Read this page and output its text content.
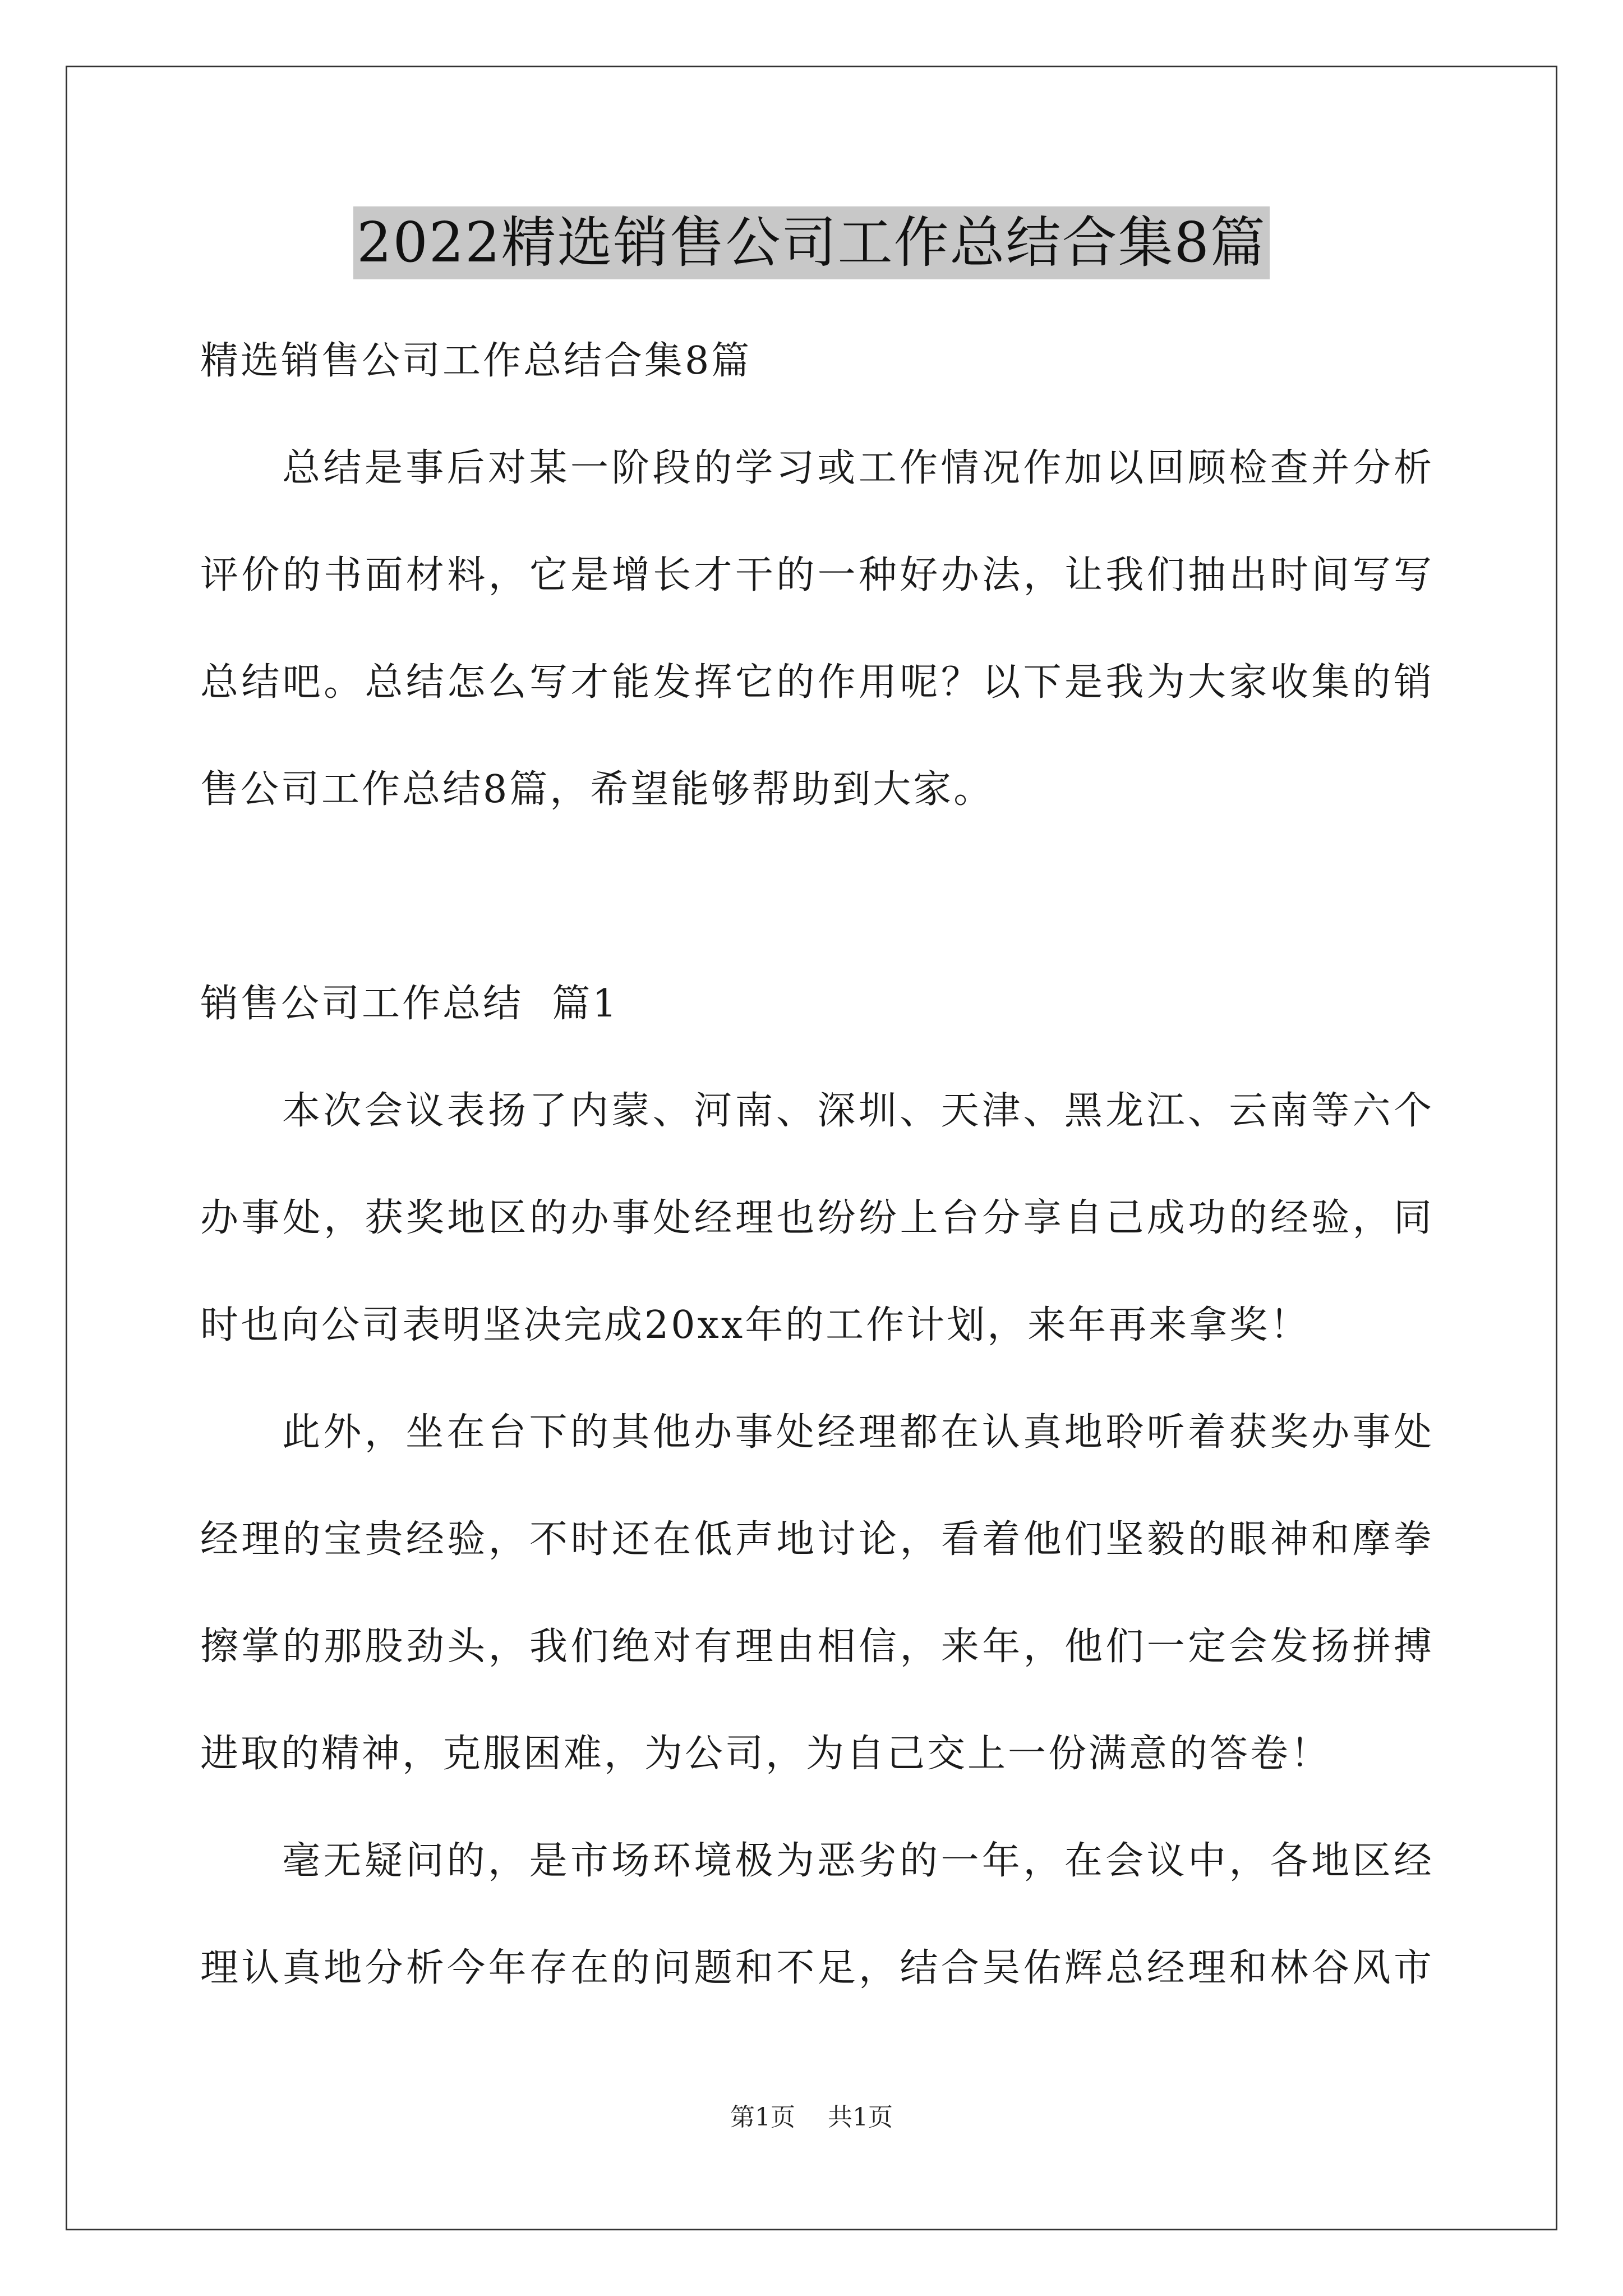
2022精选销售公司工作总结合集8篇
精选销售公司工作总结合集8篇
总结是事后对某一阶段的学习或工作情况作加以回顾检查并分析
评价的书面材料，它是增长才干的一种好办法，让我们抽出时间写写
总结吧。总结怎么写才能发挥它的作用呢？以下是我为大家收集的销
售公司工作总结8篇，希望能够帮助到大家。
销售公司工作总结  篇1
本次会议表扬了内蒙、河南、深圳、天津、黑龙江、云南等六个
办事处，获奖地区的办事处经理也纷纷上台分享自己成功的经验，同
时也向公司表明坚决完成20xx年的工作计划，来年再来拿奖！
此外，坐在台下的其他办事处经理都在认真地聆听着获奖办事处
经理的宝贵经验，不时还在低声地讨论，看着他们坚毅的眼神和摩拳
擦掌的那股劲头，我们绝对有理由相信，来年，他们一定会发扬拼搏
进取的精神，克服困难，为公司，为自己交上一份满意的答卷！
毫无疑问的，是市场环境极为恶劣的一年，在会议中，各地区经
理认真地分析今年存在的问题和不足，结合吴佑辉总经理和林谷风市
第1页 共1页
